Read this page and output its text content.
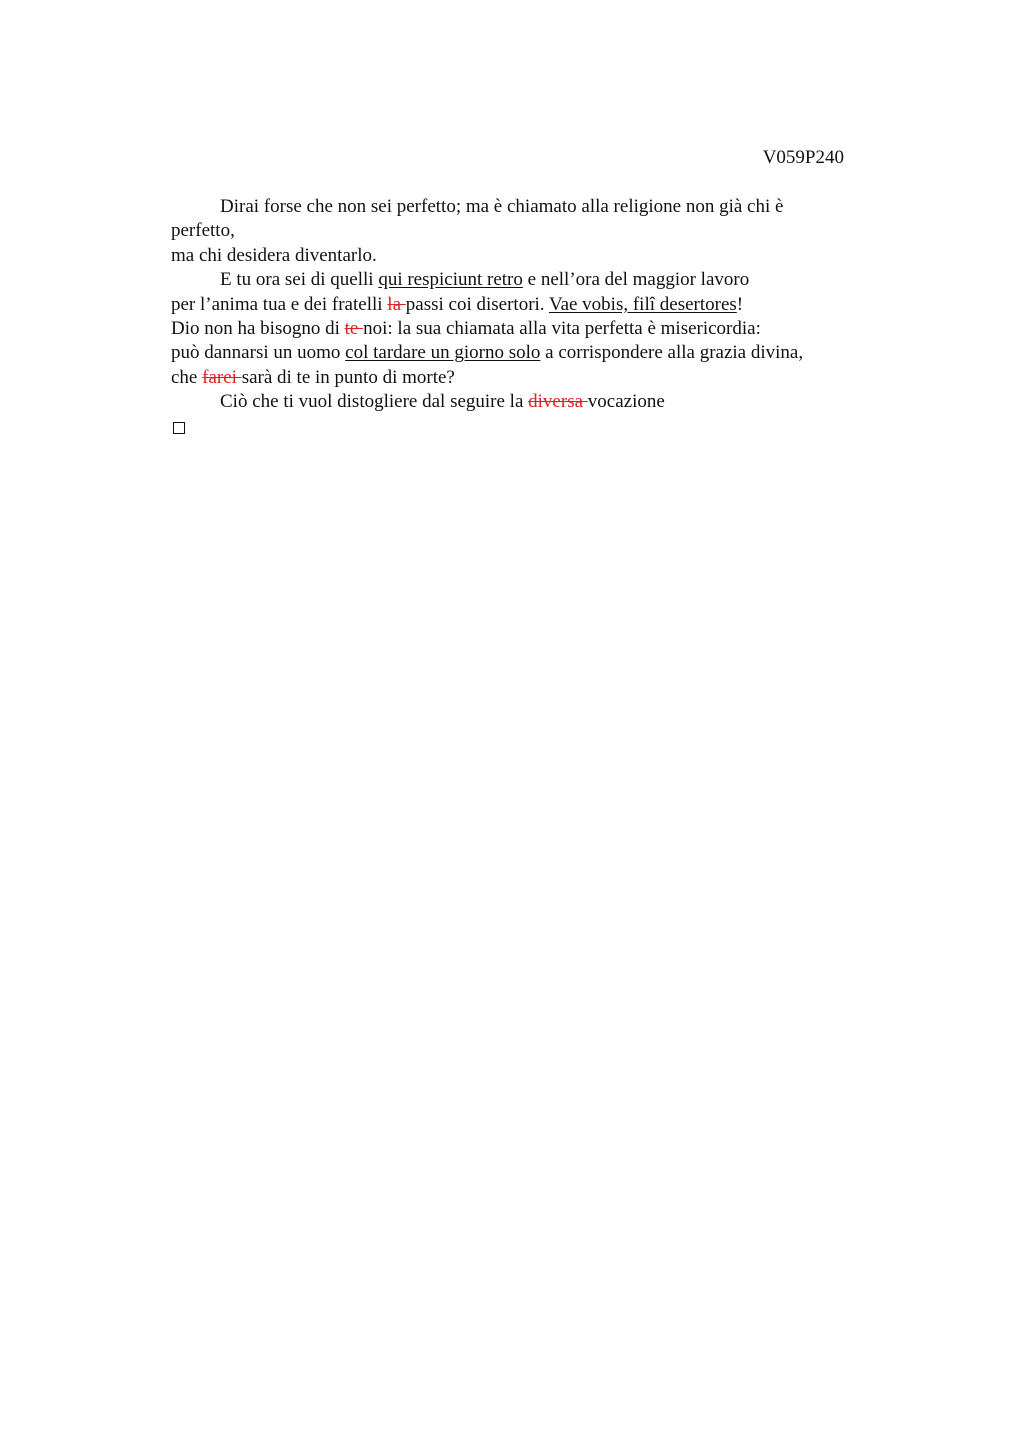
V059P240
Dirai forse che non sei perfetto; ma è chiamato alla religione non già chi è
perfetto,
ma chi desidera diventarlo.
E tu ora sei di quelli qui respiciunt retro e nell’ora del maggior lavoro
per l’anima tua e dei fratelli la passi coi disertori. Vae vobis, filî desertores!
Dio non ha bisogno di te noi: la sua chiamata alla vita perfetta è misericordia:
può dannarsi un uomo col tardare un giorno solo a corrispondere alla grazia divina,
che farei sarà di te in punto di morte?
Ciò che ti vuol distogliere dal seguire la diversa vocazione
